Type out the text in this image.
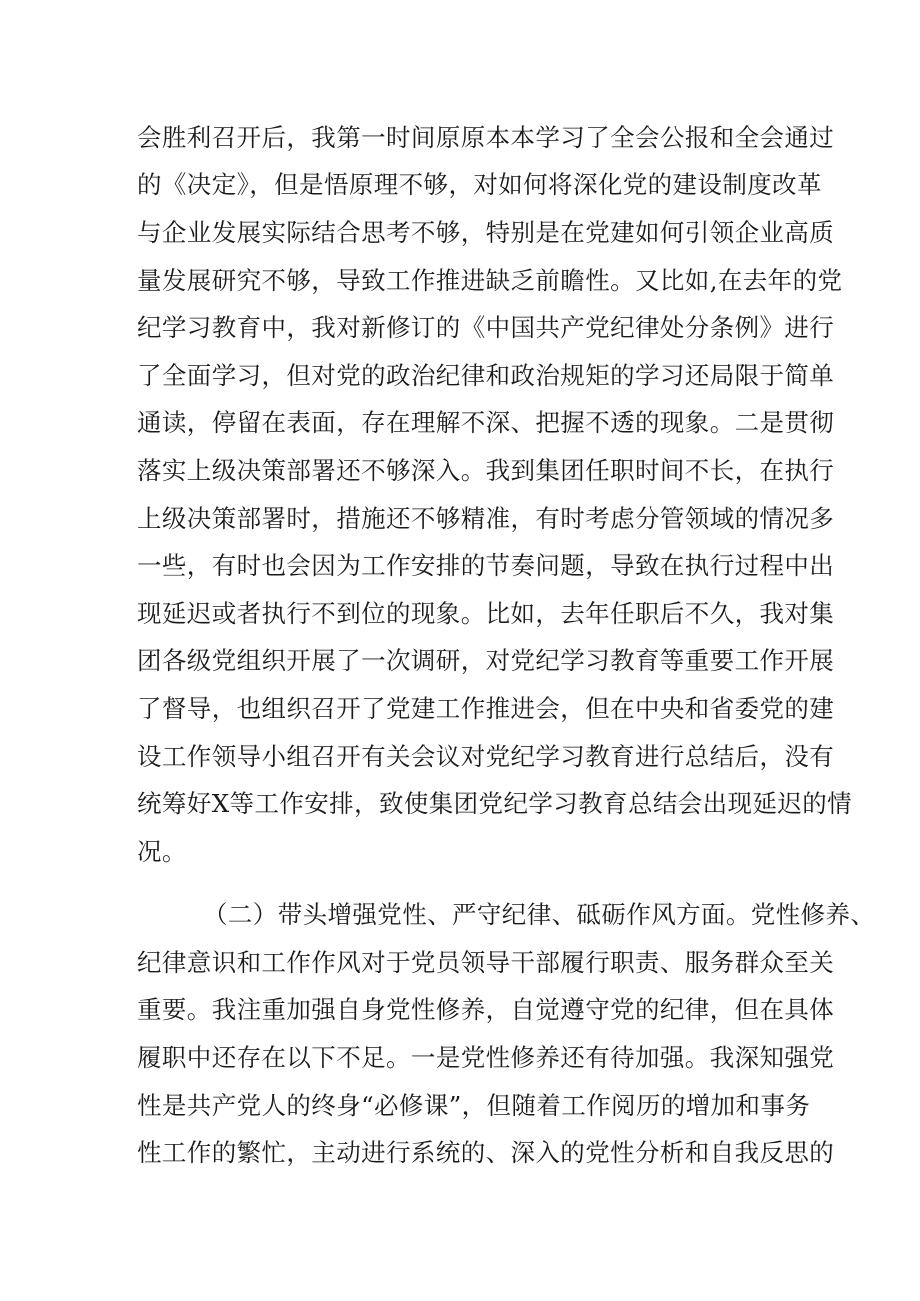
会胜利召开后，我第一时间原原本本学习了全会公报和全会通过
的《决定》，但是悟原理不够，对如何将深化党的建设制度改革
与企业发展实际结合思考不够，特别是在党建如何引领企业高质
量发展研究不够，导致工作推进缺乏前瞻性。又比如,在去年的党
纪学习教育中，我对新修订的《中国共产党纪律处分条例》进行
了全面学习，但对党的政治纪律和政治规矩的学习还局限于简单
通读，停留在表面，存在理解不深、把握不透的现象。二是贯彻
落实上级决策部署还不够深入。我到集团任职时间不长，在执行
上级决策部署时，措施还不够精准，有时考虑分管领域的情况多
一些，有时也会因为工作安排的节奏问题，导致在执行过程中出
现延迟或者执行不到位的现象。比如，去年任职后不久，我对集
团各级党组织开展了一次调研，对党纪学习教育等重要工作开展
了督导，也组织召开了党建工作推进会，但在中央和省委党的建
设工作领导小组召开有关会议对党纪学习教育进行总结后，没有
统筹好X等工作安排，致使集团党纪学习教育总结会出现延迟的情
况。
（二）带头增强党性、严守纪律、砥砺作风方面。党性修养、
纪律意识和工作作风对于党员领导干部履行职责、服务群众至关
重要。我注重加强自身党性修养，自觉遵守党的纪律，但在具体
履职中还存在以下不足。一是党性修养还有待加强。我深知强党
性是共产党人的终身“必修课”，但随着工作阅历的增加和事务
性工作的繁忙，主动进行系统的、深入的党性分析和自我反思的
